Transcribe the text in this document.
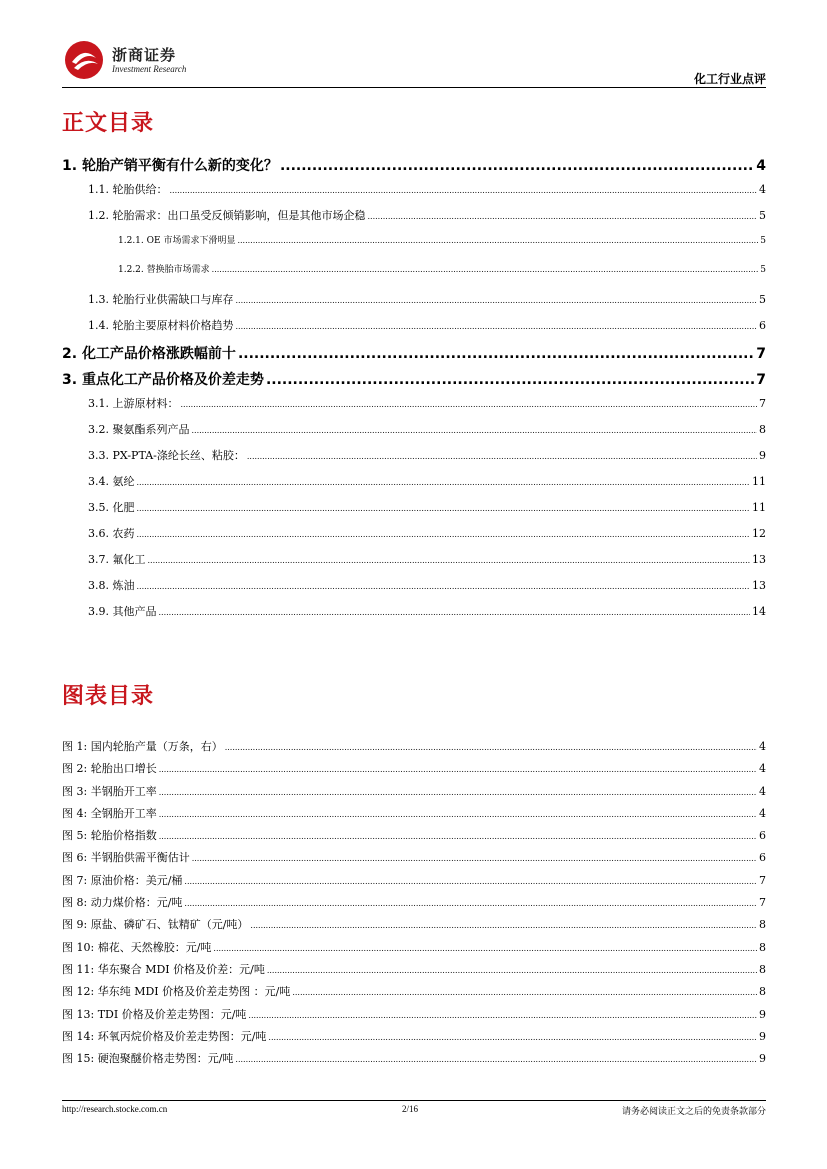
浙商证券
Investment Research
化工行业点评
正文目录
1. 轮胎产销平衡有什么新的变化？ .....	4
1.1. 轮胎供给： .....	4
1.2. 轮胎需求：出口虽受反倾销影响，但是其他市场企稳 .....	5
1.2.1. OE 市场需求下滑明显 .....	5
1.2.2. 替换胎市场需求 .....	5
1.3. 轮胎行业供需缺口与库存 .....	5
1.4. 轮胎主要原材料价格趋势 .....	6
2. 化工产品价格涨跌幅前十 .....	7
3. 重点化工产品价格及价差走势 .....	7
3.1. 上游原材料： .....	7
3.2. 聚氨酯系列产品 .....	8
3.3. PX-PTA-涤纶长丝、粘胶： .....	9
3.4. 氨纶 .....	11
3.5. 化肥 .....	11
3.6. 农药 .....	12
3.7. 氟化工 .....	13
3.8. 炼油 .....	13
3.9. 其他产品 .....	14
图表目录
图 1: 国内轮胎产量（万条，右） .....	4
图 2: 轮胎出口增长 .....	4
图 3: 半钢胎开工率 .....	4
图 4: 全钢胎开工率 .....	4
图 5: 轮胎价格指数 .....	6
图 6: 半钢胎供需平衡估计 .....	6
图 7: 原油价格：美元/桶 .....	7
图 8: 动力煤价格：元/吨 .....	7
图 9: 原盐、磷矿石、钛精矿（元/吨） .....	8
图 10: 棉花、天然橡胶：元/吨 .....	8
图 11: 华东聚合 MDI 价格及价差：元/吨 .....	8
图 12: 华东纯 MDI 价格及价差走势图 ：元/吨 .....	8
图 13: TDI 价格及价差走势图：元/吨 .....	9
图 14: 环氧丙烷价格及价差走势图：元/吨 .....	9
图 15: 硬泡聚醚价格走势图：元/吨 .....	9
http://research.stocke.com.cn	2/16	请务必阅读正文之后的免责条款部分
